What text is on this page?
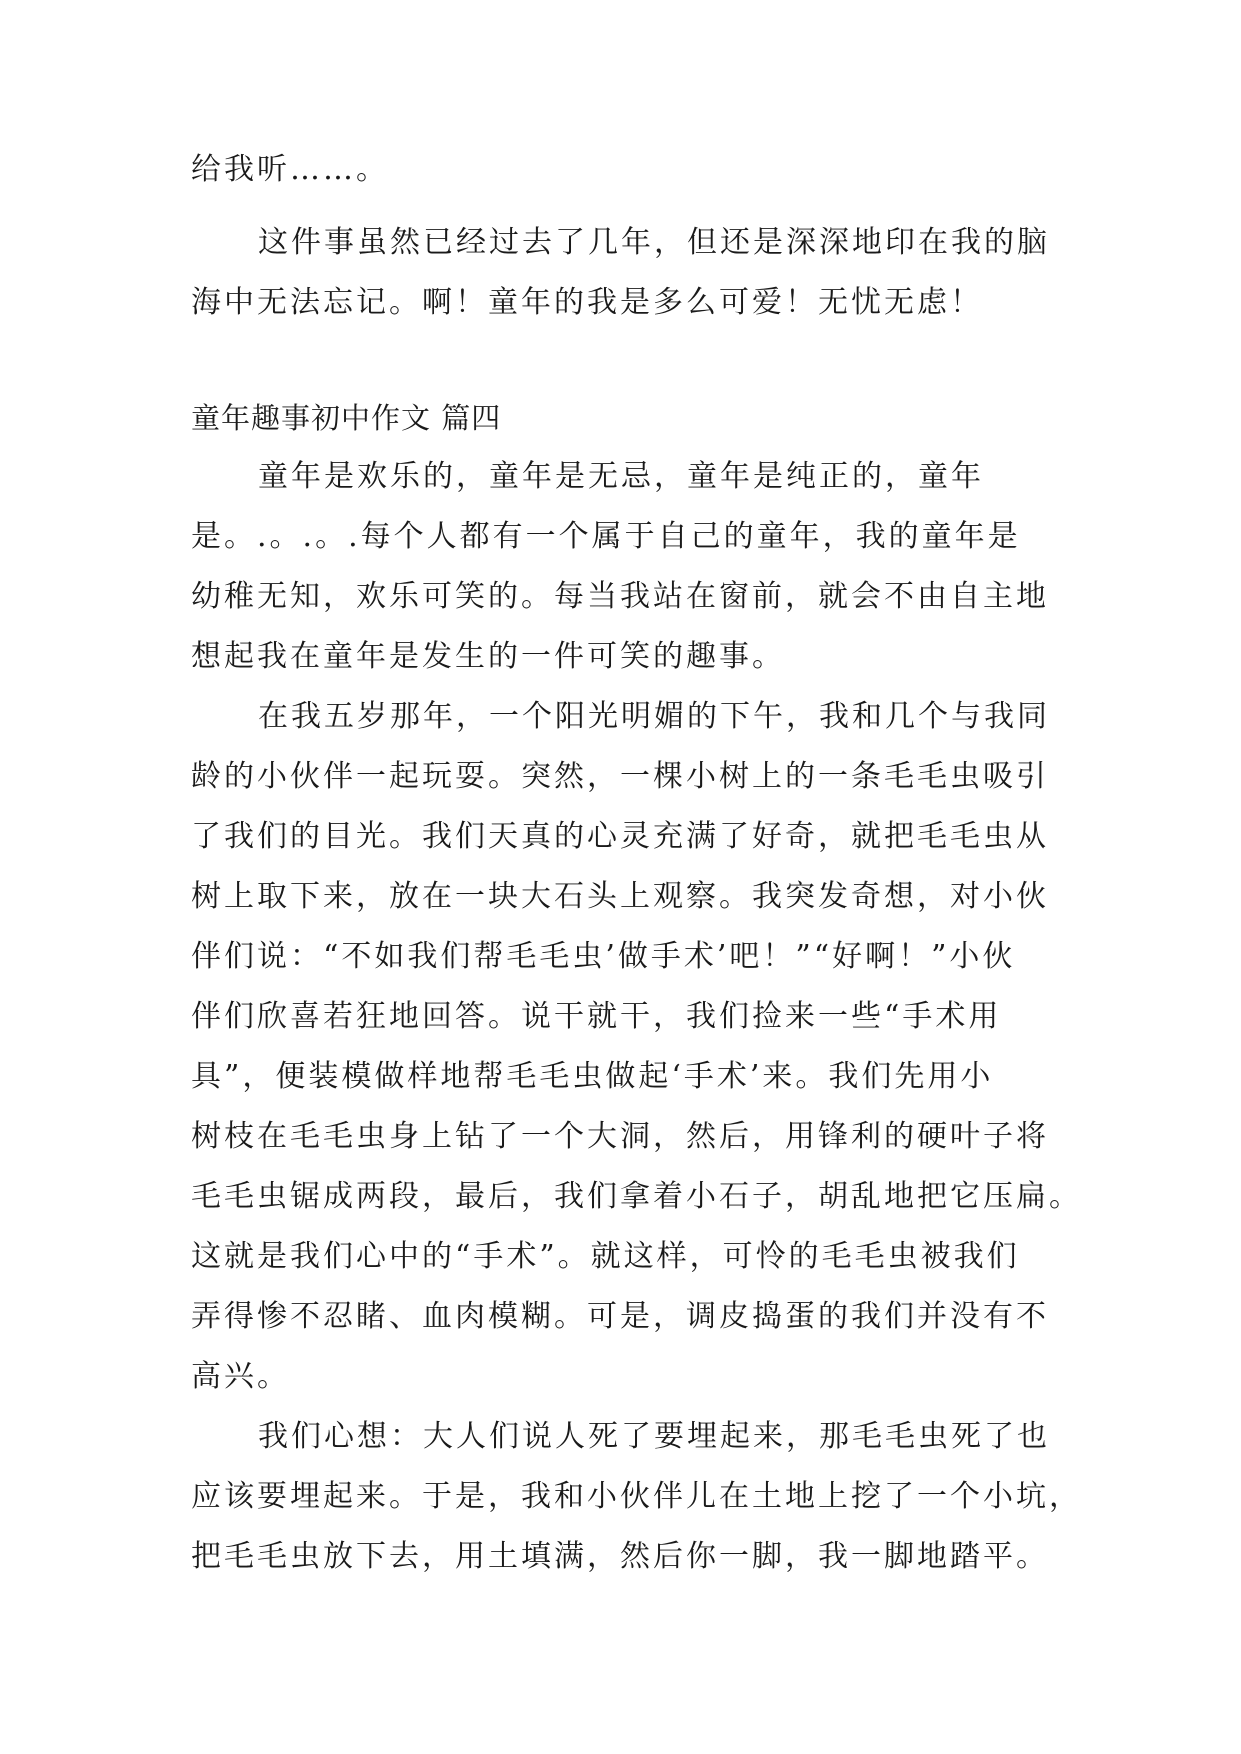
给我听……。
这件事虽然已经过去了几年，但还是深深地印在我的脑
海中无法忘记。啊！童年的我是多么可爱！无忧无虑！
童年趣事初中作文 篇四
童年是欢乐的，童年是无忌，童年是纯正的，童年
是。.。.。.每个人都有一个属于自己的童年，我的童年是
幼稚无知，欢乐可笑的。每当我站在窗前，就会不由自主地
想起我在童年是发生的一件可笑的趣事。
在我五岁那年，一个阳光明媚的下午，我和几个与我同
龄的小伙伴一起玩耍。突然，一棵小树上的一条毛毛虫吸引
了我们的目光。我们天真的心灵充满了好奇，就把毛毛虫从
树上取下来，放在一块大石头上观察。我突发奇想，对小伙
伴们说：“不如我们帮毛毛虫’做手术’吧！”“好啊！”小伙
伴们欣喜若狂地回答。说干就干，我们捡来一些“手术用
具”，便装模做样地帮毛毛虫做起‘手术’来。我们先用小
树枝在毛毛虫身上钻了一个大洞，然后，用锋利的硬叶子将
毛毛虫锯成两段，最后，我们拿着小石子，胡乱地把它压扁。
这就是我们心中的“手术”。就这样，可怜的毛毛虫被我们
弄得惨不忍睹、血肉模糊。可是，调皮捣蛋的我们并没有不
高兴。
我们心想：大人们说人死了要埋起来，那毛毛虫死了也
应该要埋起来。于是，我和小伙伴儿在土地上挖了一个小坑，
把毛毛虫放下去，用土填满，然后你一脚，我一脚地踏平。
